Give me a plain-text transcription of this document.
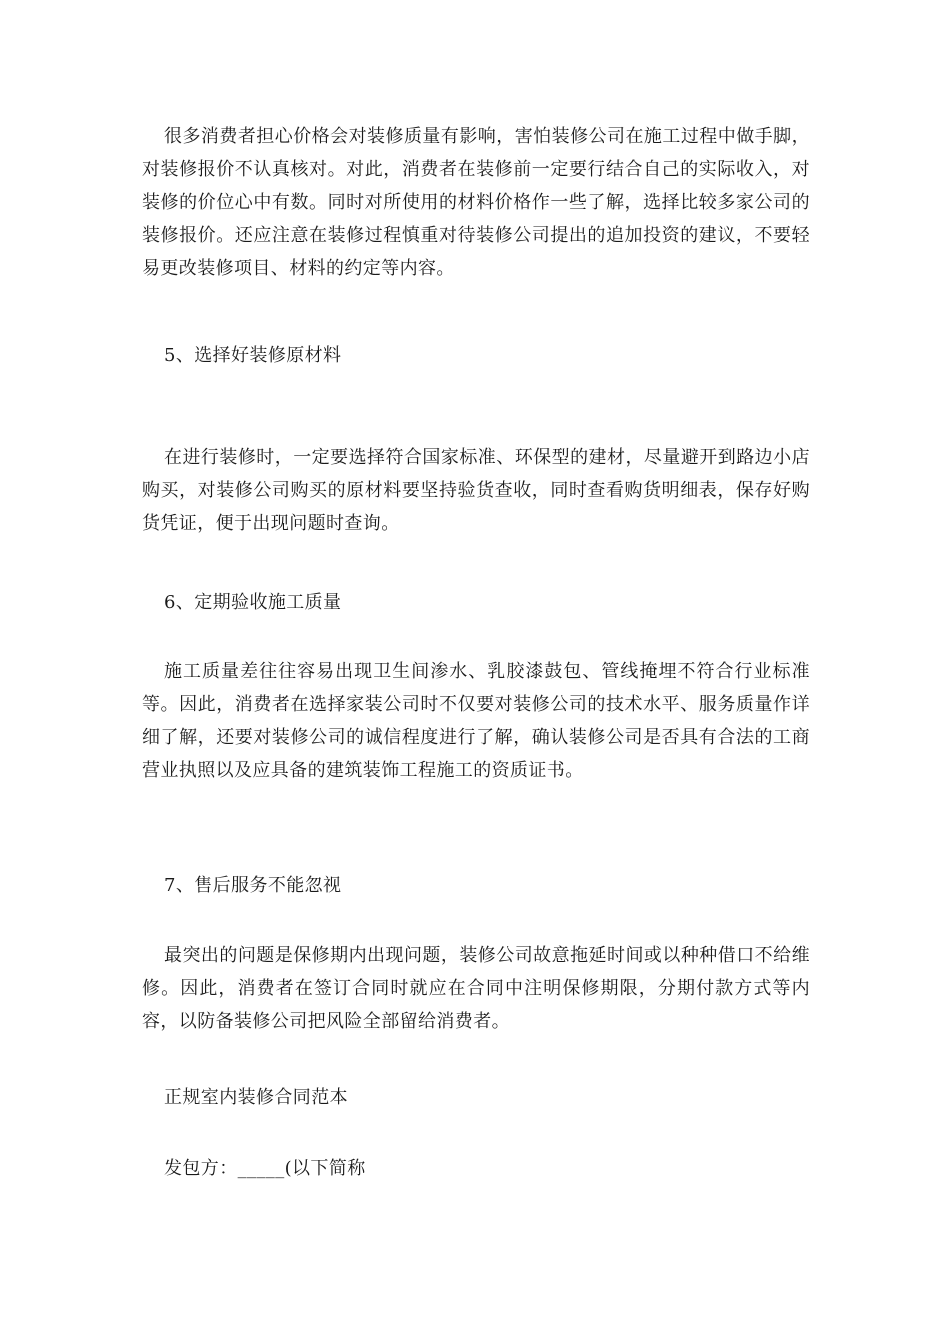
很多消费者担心价格会对装修质量有影响，害怕装修公司在施工过程中做手脚，对装修报价不认真核对。对此，消费者在装修前一定要行结合自己的实际收入，对装修的价位心中有数。同时对所使用的材料价格作一些了解，选择比较多家公司的装修报价。还应注意在装修过程慎重对待装修公司提出的追加投资的建议，不要轻易更改装修项目、材料的约定等内容。

5、选择好装修原材料

在进行装修时，一定要选择符合国家标准、环保型的建材，尽量避开到路边小店购买，对装修公司购买的原材料要坚持验货查收，同时查看购货明细表，保存好购货凭证，便于出现问题时查询。

6、定期验收施工质量

施工质量差往往容易出现卫生间渗水、乳胶漆鼓包、管线掩埋不符合行业标准等。因此，消费者在选择家装公司时不仅要对装修公司的技术水平、服务质量作详细了解，还要对装修公司的诚信程度进行了解，确认装修公司是否具有合法的工商营业执照以及应具备的建筑装饰工程施工的资质证书。

7、售后服务不能忽视

最突出的问题是保修期内出现问题，装修公司故意拖延时间或以种种借口不给维修。因此，消费者在签订合同时就应在合同中注明保修期限，分期付款方式等内容，以防备装修公司把风险全部留给消费者。

正规室内装修合同范本

发包方：_____(以下简称
